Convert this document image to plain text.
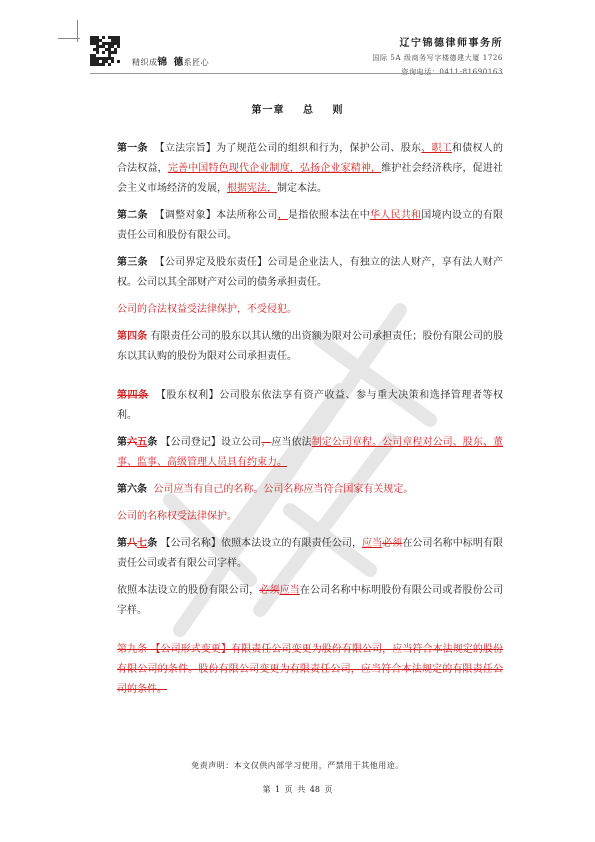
精织成锦 德系匠心
辽宁锦德律师事务所
国际 5A 级商务写字楼德建大厦 1726
咨询电话：0411-81690163
第一章 总 则

第一条 【立法宗旨】为了规范公司的组织和行为，保护公司、股东、职工和债权人的合法权益，完善中国特色现代企业制度，弘扬企业家精神，维护社会经济秩序，促进社会主义市场经济的发展，根据宪法，制定本法。

第二条 【调整对象】本法所称公司，是指依照本法在中华人民共和国境内设立的有限责任公司和股份有限公司。

第三条 【公司界定及股东责任】公司是企业法人，有独立的法人财产，享有法人财产权。公司以其全部财产对公司的债务承担责任。

公司的合法权益受法律保护，不受侵犯。

第四条 有限责任公司的股东以其认缴的出资额为限对公司承担责任；股份有限公司的股东以其认购的股份为限对公司承担责任。

第四条 【股东权利】公司股东依法享有资产收益、参与重大决策和选择管理者等权利。

第六五条 【公司登记】设立公司，应当依法制定公司章程。公司章程对公司、股东、董事、监事、高级管理人员具有约束力。

第六条 公司应当有自己的名称。公司名称应当符合国家有关规定。

公司的名称权受法律保护。

第八七条 【公司名称】依照本法设立的有限责任公司，应当必须在公司名称中标明有限责任公司或者有限公司字样。

依照本法设立的股份有限公司，必须应当在公司名称中标明股份有限公司或者股份公司字样。

第九条 【公司形式变更】有限责任公司变更为股份有限公司，应当符合本法规定的股份有限公司的条件。股份有限公司变更为有限责任公司，应当符合本法规定的有限责任公司的条件。

免责声明：本文仅供内部学习使用，严禁用于其他用途。
第 1 页 共 48 页
